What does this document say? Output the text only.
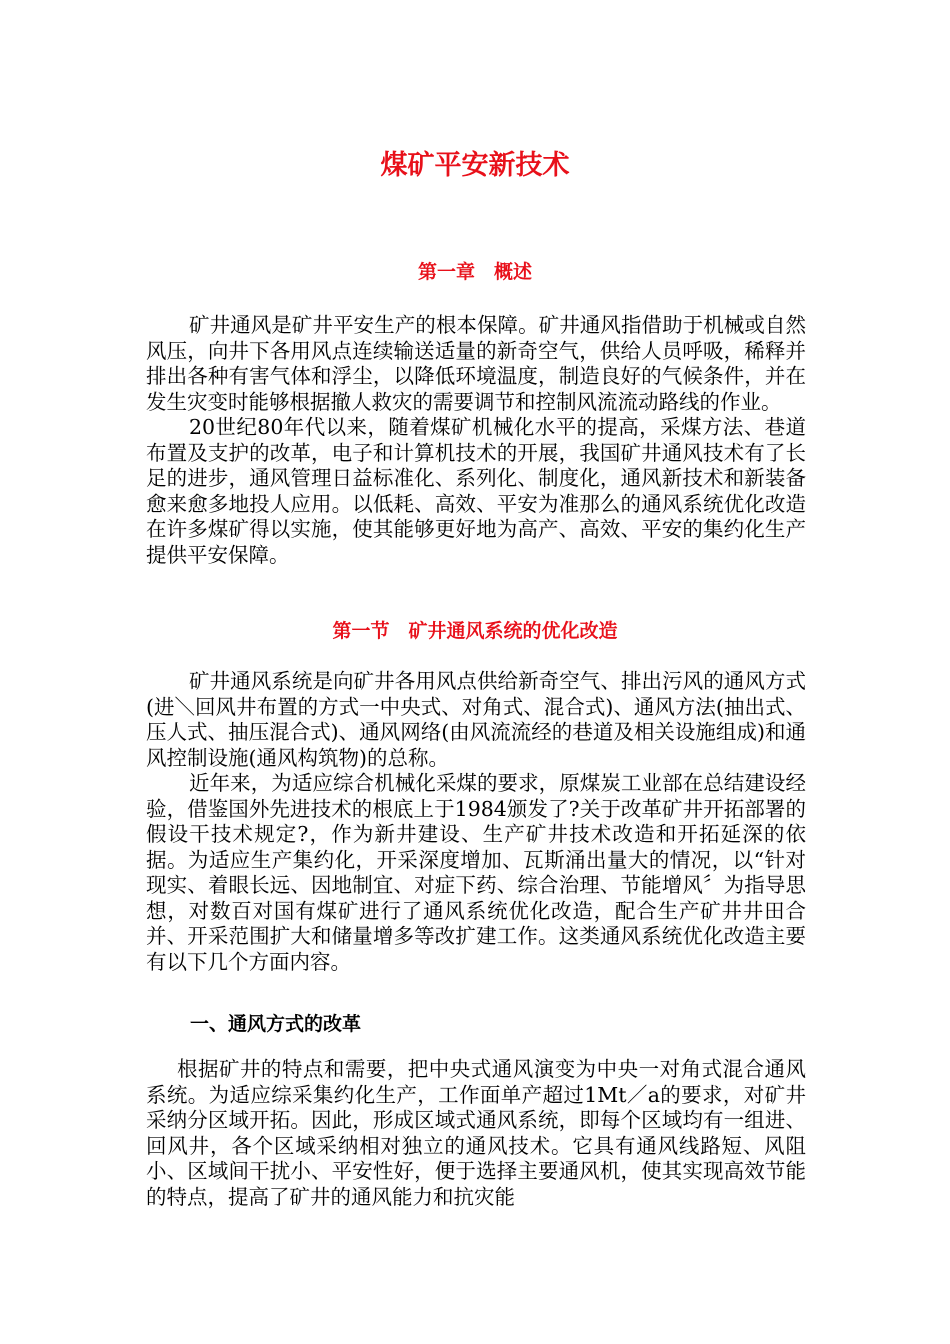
煤矿平安新技术
第一章　概述

矿井通风是矿井平安生产的根本保障。矿井通风指借助于机械或自然风压，向井下各用风点连续输送适量的新奇空气，供给人员呼吸，稀释并排出各种有害气体和浮尘，以降低环境温度，制造良好的气候条件，并在发生灾变时能够根据撤人救灾的需要调节和控制风流流动路线的作业。

20世纪80年代以来，随着煤矿机械化水平的提高，采煤方法、巷道布置及支护的改革，电子和计算机技术的开展，我国矿井通风技术有了长足的进步，通风管理日益标准化、系列化、制度化，通风新技术和新装备愈来愈多地投人应用。以低耗、高效、平安为准那么的通风系统优化改造在许多煤矿得以实施，使其能够更好地为高产、高效、平安的集约化生产提供平安保障。

第一节　矿井通风系统的优化改造

矿井通风系统是向矿井各用风点供给新奇空气、排出污风的通风方式(进＼回风井布置的方式一中央式、对角式、混合式)、通风方法(抽出式、压人式、抽压混合式)、通风网络(由风流流经的巷道及相关设施组成)和通风控制设施(通风构筑物)的总称。

近年来，为适应综合机械化采煤的要求，原煤炭工业部在总结建设经验，借鉴国外先进技术的根底上于1984颁发了?关于改革矿井开拓部署的假设干技术规定?，作为新井建设、生产矿井技术改造和开拓延深的依据。为适应生产集约化，开采深度增加、瓦斯涌出量大的情况，以“针对现实、着眼长远、因地制宜、对症下药、综合治理、节能增风〞为指导思想，对数百对国有煤矿进行了通风系统优化改造，配合生产矿井井田合并、开采范围扩大和储量增多等改扩建工作。这类通风系统优化改造主要有以下几个方面内容。

一、通风方式的改革

根据矿井的特点和需要，把中央式通风演变为中央一对角式混合通风系统。为适应综采集约化生产，工作面单产超过1Mt／a的要求，对矿井采纳分区域开拓。因此，形成区域式通风系统，即每个区域均有一组进、回风井，各个区域采纳相对独立的通风技术。它具有通风线路短、风阻小、区域间干扰小、平安性好，便于选择主要通风机，使其实现高效节能的特点，提高了矿井的通风能力和抗灾能
